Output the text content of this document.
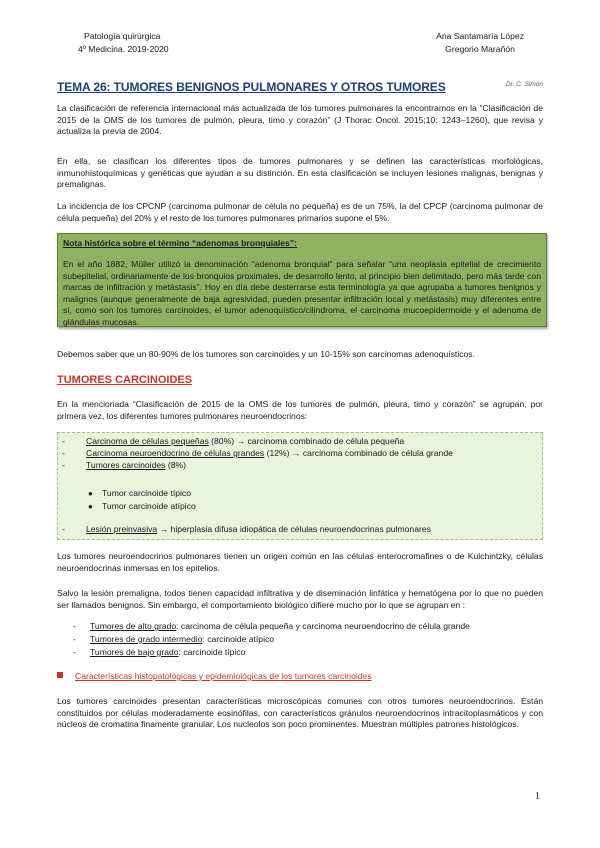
Patología quirúrgica
4º Medicina. 2019-2020
Ana Santamaría López
Gregorio Marañón
TEMA 26: TUMORES BENIGNOS PULMONARES Y OTROS TUMORES	Dr. C. Simón

La clasificación de referencia internacional más actualizada de los tumores pulmonares la encontramos en la “Clasificación de 2015 de la OMS de los tumores de pulmón, pleura, timo y corazón” (J Thorac Oncol. 2015;10: 1243–1260), que revisa y actualiza la previa de 2004.

En ella, se clasifican los diferentes tipos de tumores pulmonares y se definen las características morfológicas, inmunohistoquímicas y genéticas que ayudan a su distinción. En esta clasificación se incluyen lesiones malignas, benignas y premalignas.

La incidencia de los CPCNP (carcinoma pulmonar de célula no pequeña) es de un 75%, la del CPCP (carcinoma pulmonar de célula pequeña) del 20% y el resto de los tumores pulmonares primarios supone el 5%.

Nota histórica sobre el término “adenomas bronquiales”:

En el año 1882, Müller utilizó la denominación “adenoma bronquial” para señalar “una neoplasia epitelial de crecimiento subepitelial, ordinariamente de los bronquios proximales, de desarrollo lento, al principio bien delimitado, pero más tarde con marcas de infiltración y metástasis”. Hoy en día debe desterrarse esta terminología ya que agrupaba a tumores benignos y malignos (aunque generalmente de baja agresividad, pueden presentar infiltración local y metástasis) muy diferentes entre sí, como son los tumores carcinoides, el tumor adenoquístico/cilindroma, el carcinoma mucoepidermoide y el adenoma de glándulas mucosas.

Debemos saber que un 80-90% de los tumores son carcinoides y un 10-15% son carcinomas adenoquísticos.

TUMORES CARCINOIDES

En la mencionada “Clasificación de 2015 de la OMS de los tumores de pulmón, pleura, timo y corazón” se agrupan, por primera vez, los diferentes tumores pulmonares neuroendocrinos:

- Carcinoma de células pequeñas (80%) → carcinoma combinado de célula pequeña
- Carcinoma neuroendocrino de células grandes (12%) → carcinoma combinado de célula grande
- Tumores carcinoides (8%)
● Tumor carcinoide típico
● Tumor carcinoide atípico
- Lesión preinvasiva → hiperplasia difusa idiopática de células neuroendocrinas pulmonares

Los tumores neuroendocrinos pulmonares tienen un origen común en las células enterocromafines o de Kulchintzky, células neuroendocrinas inmersas en los epitelios.

Salvo la lesión premaligna, todos tienen capacidad infiltrativa y de diseminación linfática y hematógena por lo que no pueden ser llamados benignos. Sin embargo, el comportamiento biológico difiere mucho por lo que se agrupan en :

- Tumores de alto grado: carcinoma de célula pequeña y carcinoma neuroendocrino de célula grande
- Tumores de grado intermedio: carcinoide atípico
- Tumores de bajo grado: carcinoide típico
Características histopatológicas y epidemiológicas de los tumores carcinoides

Los tumores carcinoides presentan características microscópicas comunes con otros tumores neuroendocrinos. Están constituidos por células moderadamente eosinófilas, con característicos gránulos neuroendocrinos intracitoplasmáticos y con núcleos de cromatina finamente granular. Los nucleolos son poco prominentes. Muestran múltiples patrones histológicos.

1
